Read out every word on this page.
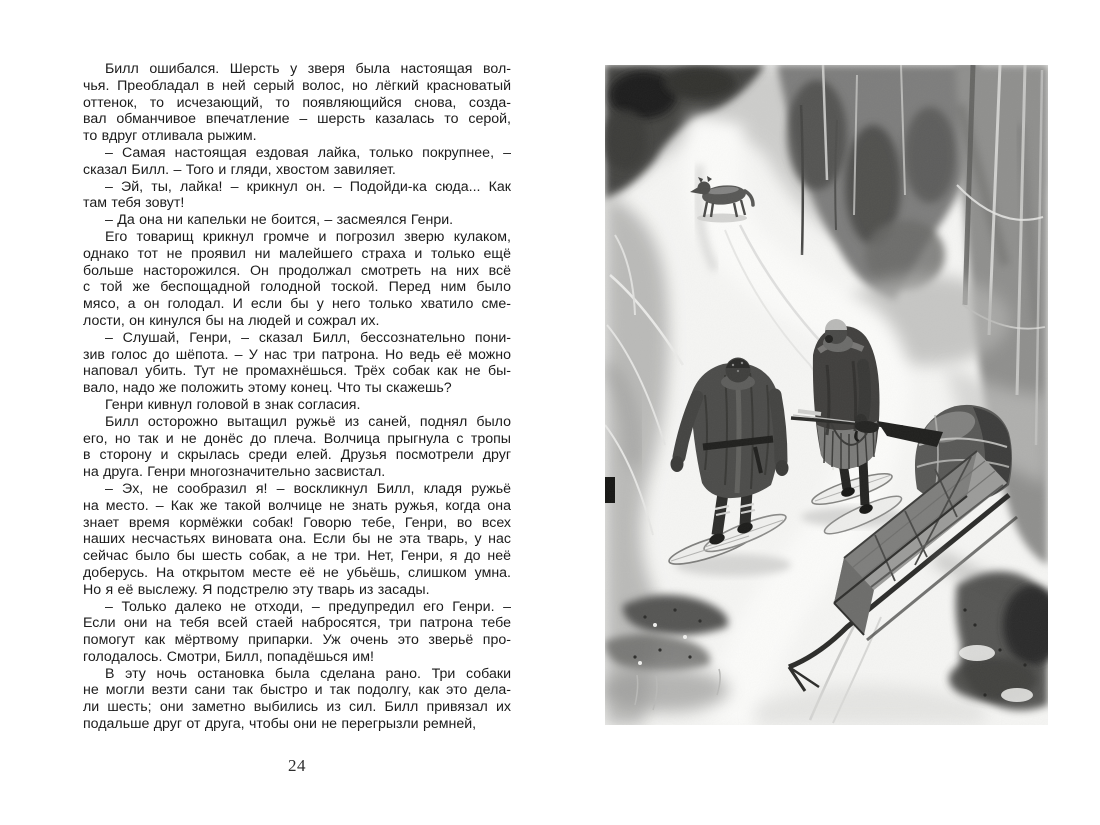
Билл ошибался. Шерсть у зверя была настоящая вол-
чья. Преобладал в ней серый волос, но лёгкий красноватый
оттенок, то исчезающий, то появляющийся снова, созда-
вал обманчивое впечатление – шерсть казалась то серой,
то вдруг отливала рыжим.
– Самая настоящая ездовая лайка, только покрупнее, –
сказал Билл. – Того и гляди, хвостом завиляет.
– Эй, ты, лайка! – крикнул он. – Подойди-ка сюда... Как
там тебя зовут!
– Да она ни капельки не боится, – засмеялся Генри.
Его товарищ крикнул громче и погрозил зверю кулаком,
однако тот не проявил ни малейшего страха и только ещё
больше насторожился. Он продолжал смотреть на них всё
с той же беспощадной голодной тоской. Перед ним было
мясо, а он голодал. И если бы у него только хватило сме-
лости, он кинулся бы на людей и сожрал их.
– Слушай, Генри, – сказал Билл, бессознательно пони-
зив голос до шёпота. – У нас три патрона. Но ведь её можно
наповал убить. Тут не промахнёшься. Трёх собак как не бы-
вало, надо же положить этому конец. Что ты скажешь?
Генри кивнул головой в знак согласия.
Билл осторожно вытащил ружьё из саней, поднял было
его, но так и не донёс до плеча. Волчица прыгнула с тропы
в сторону и скрылась среди елей. Друзья посмотрели друг
на друга. Генри многозначительно засвистал.
– Эх, не сообразил я! – воскликнул Билл, кладя ружьё
на место. – Как же такой волчице не знать ружья, когда она
знает время кормёжки собак! Говорю тебе, Генри, во всех
наших несчастьях виновата она. Если бы не эта тварь, у нас
сейчас было бы шесть собак, а не три. Нет, Генри, я до неё
доберусь. На открытом месте её не убьёшь, слишком умна.
Но я её выслежу. Я подстрелю эту тварь из засады.
– Только далеко не отходи, – предупредил его Генри. –
Если они на тебя всей стаей набросятся, три патрона тебе
помогут как мёртвому припарки. Уж очень это зверьё про-
голодалось. Смотри, Билл, попадёшься им!
В эту ночь остановка была сделана рано. Три собаки
не могли везти сани так быстро и так подолгу, как это дела-
ли шесть; они заметно выбились из сил. Билл привязал их
подальше друг от друга, чтобы они не перегрызли ремней,
24
